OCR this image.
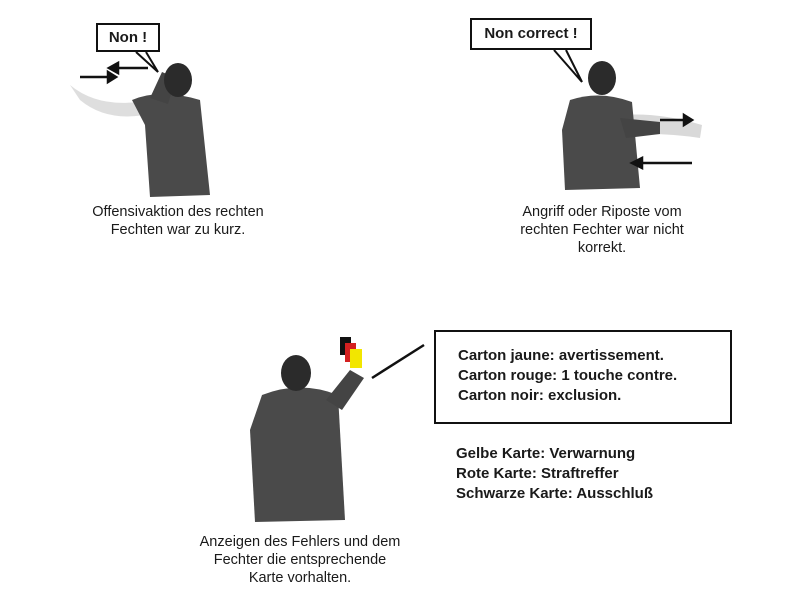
Non !
Offensivaktion des rechten
Fechten war zu kurz.
Non correct !
Angriff oder Riposte vom
rechten Fechter war nicht
korrekt.
Carton jaune: avertissement.
Carton rouge: 1 touche contre.
Carton noir: exclusion.
Gelbe Karte: Verwarnung
Rote Karte: Straftreffer
Schwarze Karte: Ausschluß
Anzeigen des Fehlers und dem
Fechter die entsprechende
Karte vorhalten.
